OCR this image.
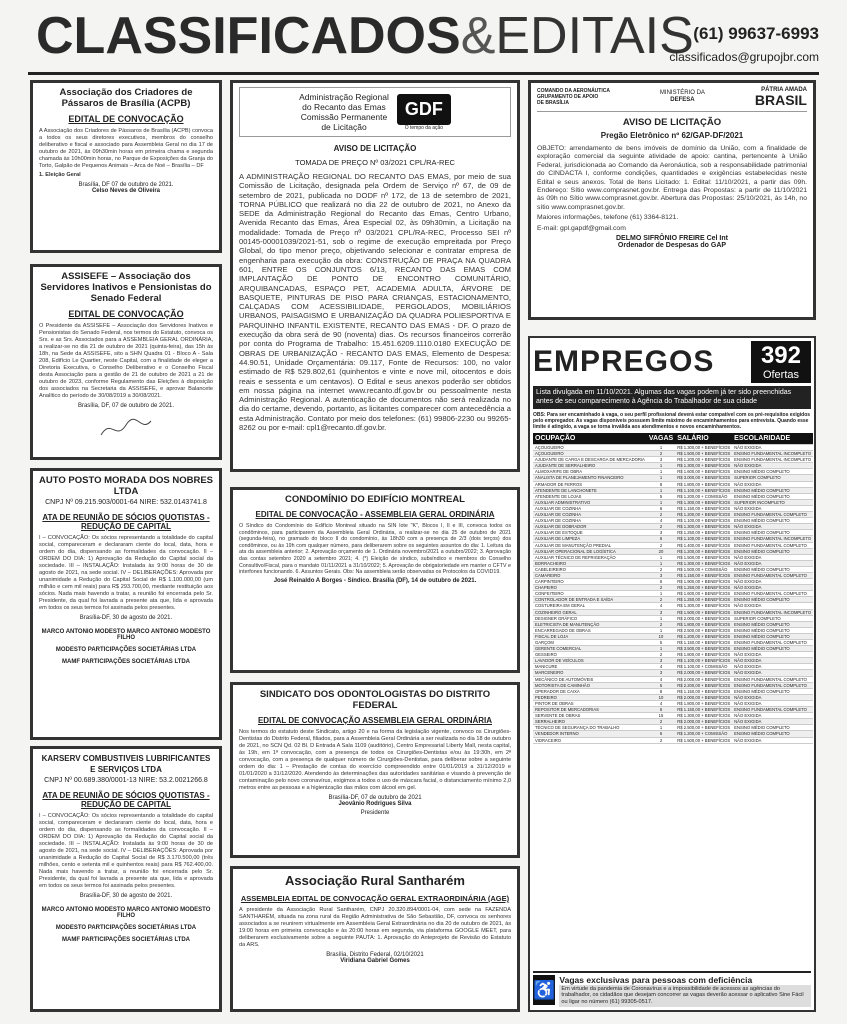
CLASSIFICADOS&EDITAIS (61) 99637-6993
classificados@grupojbr.com
Associação dos Criadores de Pássaros de Brasília (ACPB)
EDITAL DE CONVOCAÇÃO

A Associação dos Criadores de Pássaros de Brasília (ACPB) convoca a todos os seus diretores executivos, membros do conselho deliberativo e fiscal e associado para Assembleia Geral no dia 17 de outubro de 2021, às 09h30min horas em primeira chama e segunda chamada às 10h00min horas, no Parque de Exposições da Granja do Torto, Galpão de Pequenos Animais – Arca de Noé – Brasília – DF

1. Eleição Geral

Brasília, DF 07 de outubro de 2021.
Celso Neves de Oliveira
ASSISEFE – Associação dos Servidores Inativos e Pensionistas do Senado Federal
EDITAL DE CONVOCAÇÃO

O Presidente da ASSISEFE – Associação dos Servidores Inativos e Pensionistas do Senado Federal, nos termos do Estatuto, convoca os Srs. e as Srs. Associados para a ASSEMBLEIA GERAL ORDINÁRIA, a realizar-se no dia 21 de outubro de 2021 (quinta-feira), das 15h às 18h, na Sede da ASSISEFE, sito a SHN Quadra 01 - Bloco A - Sala 208, Edifício Le Quartier, neste Capital, com a finalidade de eleger a Diretoria Executiva, o Conselho Deliberativo e o Conselho Fiscal desta Associação para a gestão de 21 de outubro de 2021 a 21 de outubro de 2023, conforme Regulamento das Eleições à disposição dos associados na Secretaria da ASSISEFE, e aprovar Balancete Analítico do período de 30/08/2019 a 30/08/2021.

Brasília, DF, 07 de outubro de 2021.
AUTO POSTO MORADA DOS NOBRES LTDA
CNPJ Nº 09.215.903/0001-64 NIRE: 532.0143741.8
ATA DE REUNIÃO DE SÓCIOS QUOTISTAS - REDUÇÃO DE CAPITAL

I – CONVOCAÇÃO: Os sócios representando a totalidade do capital social, compareceram e declararam ciente do local, data, hora e ordem do dia, dispensando as formalidades da convocação. II – ORDEM DO DIA: 1) Aprovação da Redução do Capital social da sociedade. III – INSTALAÇÃO: Instalada às 9:00 horas de 30 de agosto de 2021, na sede social. IV – DELIBERAÇÕES: Aprovada por unanimidade a Redução do Capital Social de R$ 1.100.000,00 (um milhão e cem mil reais) para R$ 293.700,00, mediante restituição aos sócios. Nada mais havendo a tratar, a reunião foi encerrada pelo Sr. Presidente, da qual foi lavrada a presente ata que, lida e aprovada em todos os seus termos foi assinada pelos presentes.

Brasília-DF, 30 de agosto de 2021.
MARCO ANTONIO MODESTO MARCO ANTONIO MODESTO FILHO
MODESTO PARTICIPAÇÕES SOCIETÁRIAS LTDA
MAMF PARTICIPAÇÕES SOCIETÁRIAS LTDA
KARSERV COMBUSTIVEIS LUBRIFICANTES E SERVIÇOS LTDA
CNPJ Nº 00.689.380/0001-13 NIRE: 53.2.0021266.8
ATA DE REUNIÃO DE SÓCIOS QUOTISTAS - REDUÇÃO DE CAPITAL

I – CONVOCAÇÃO: Os sócios representando a totalidade do capital social, compareceram e declararam ciente do local, data, hora e ordem do dia, dispensando as formalidades da convocação. II – ORDEM DO DIA: 1) Aprovação da Redução do Capital social da sociedade. III – INSTALAÇÃO: Instalada às 9:00 horas de 30 de agosto de 2021, na sede social. IV – DELIBERAÇÕES: Aprovada por unanimidade a Redução do Capital Social de R$ 3.170.500,00 (três milhões, cento e setenta mil e quinhentos reais) para R$ 762.400,00. Nada mais havendo a tratar, a reunião foi encerrada pelo Sr. Presidente, da qual foi lavrada a presente ata que, lida e aprovada em todos os seus termos foi assinada pelos presentes.

Brasília-DF, 30 de agosto de 2021.
MARCO ANTONIO MODESTO MARCO ANTONIO MODESTO FILHO
MODESTO PARTICIPAÇÕES SOCIETÁRIAS LTDA
MAMF PARTICIPAÇÕES SOCIETÁRIAS LTDA
Administração Regional
do Recanto das Emas
Comissão Permanente
de Licitação
GDF
O tempo da ação
AVISO DE LICITAÇÃO
TOMADA DE PREÇO Nº 03/2021 CPL/RA-REC

A ADMINISTRAÇÃO REGIONAL DO RECANTO DAS EMAS, por meio de sua Comissão de Licitação, designada pela Ordem de Serviço nº 67, de 09 de setembro de 2021, publicada no DODF nº 172, de 13 de setembro de 2021, TORNA PÚBLICO que realizará no dia 22 de outubro de 2021, no Anexo da SEDE da Administração Regional do Recanto das Emas, Centro Urbano, Avenida Recanto das Emas, Área Especial 02, às 09h30min, a Licitação na modalidade: Tomada de Preço nº 03/2021 CPL/RA-REC, Processo SEI nº 00145-00001039/2021-51, sob o regime de execução empreitada por Preço Global, do tipo menor preço, objetivando selecionar e contratar empresa de engenharia para execução da obra: CONSTRUÇÃO DE PRAÇA NA QUADRA 601, ENTRE OS CONJUNTOS 6/13, RECANTO DAS EMAS COM IMPLANTAÇÃO DE PONTO DE ENCONTRO COMUNITÁRIO, ARQUIBANCADAS, ESPAÇO PET, ACADEMIA ADULTA, ÁRVORE DE BASQUETE, PINTURAS DE PISO PARA CRIANÇAS, ESTACIONAMENTO, CALÇADAS COM ACESSIBILIDADE, PERGOLADOS, MOBILIÁRIOS URBANOS, PAISAGISMO E URBANIZAÇÃO DA QUADRA POLIESPORTIVA E PARQUINHO INFANTIL EXISTENTE, RECANTO DAS EMAS - DF. O prazo de execução da obra será de 90 (noventa) dias. Os recursos financeiros correrão por conta do Programa de Trabalho: 15.451.6209.1110.0180 EXECUÇÃO DE OBRAS DE URBANIZAÇÃO - RECANTO DAS EMAS, Elemento de Despesa: 44.90.51, Unidade Orçamentária: 09.117, Fonte de Recursos: 100, no valor estimado de R$ 529.802,61 (quinhentos e vinte e nove mil, oitocentos e dois reais e sessenta e um centavos). O Edital e seus anexos poderão ser obtidos em nossa página na internet www.recanto.df.gov.br ou pessoalmente nesta Administração Regional. A autenticação de documentos não será realizada no dia do certame, devendo, portanto, as licitantes comparecer com antecedência a esta Administração. Contato por meio dos telefones: (61) 99806-2230 ou 99265-8262 ou por e-mail: cpl1@recanto.df.gov.br.

CONDOMÍNIO DO EDIFÍCIO MONTREAL
EDITAL DE CONVOCAÇÃO - ASSEMBLEIA GERAL ORDINÁRIA

O Síndico do Condomínio do Edifício Montreal situado na SIN lote "K", Blocos I, II e III, convoca todos os condôminos, para participarem da Assembleia Geral Ordinária, a realizar-se no dia 25 de outubro de 2021 (segunda-feira), no gramado do bloco II do condomínio, às 18h30 com a presença de 2/3 (dois terços) dos condôminos, ou às 19h com qualquer número, para deliberarem sobre os seguintes assuntos do dia: 1. Leitura da ata da assembleia anterior; 2. Aprovação orçamento de 1. Ordinária novembro/2021 a outubro/2022; 3. Aprovação das contas setembro 2020 a setembro 2021; 4. (*) Eleição de síndico, subsíndico e membros do Conselho Consultivo/Fiscal, para o mandato 01/11/2021 a 31/10/2022; 5. Aprovação de obrigatoriedade em manter o CFTV e interfones funcionando. 6. Assuntos Gerais. Obs: Na assembleia serão observadas os Protocolos da COVID19.

José Reinaldo A Borges - Síndico. Brasília (DF), 14 de outubro de 2021.
SINDICATO DOS ODONTOLOGISTAS DO DISTRITO FEDERAL
EDITAL DE CONVOCAÇÃO ASSEMBLEIA GERAL ORDINÁRIA

Nos termos do estatuto deste Sindicato, artigo 20 e na forma da legislação vigente, convoco os Cirurgiões-Dentistas do Distrito Federal, filiados, para a Assembleia Geral Ordinária a ser realizada no dia 18 de outubro de 2021, no SCN Qd. 02 Bl. D Entrada A Sala 1109 (auditório), Centro Empresarial Liberty Mall, nesta capital, às 19h, em 1ª convocação, com a presença de todos os Cirurgiões-Dentistas e/ou às 19:30h, em 2ª convocação, com a presença de qualquer número de Cirurgiões-Dentistas, para deliberar sobre a seguinte ordem do dia: 1 – Prestação de contas do exercício compreendido entre 01/01/2019 a 31/12/2019 e 01/01/2020 a 31/12/2020. Atendendo às determinações das autoridades sanitárias e visando à prevenção de contaminação pelo novo coronavírus, exigimos a todos o uso de máscara facial, o distanciamento mínimo 2,0 metros entre as pessoas e a higienização das mãos com álcool em gel.

Brasília-DF, 07 de outubro de 2021
Jeovânio Rodrigues Silva
Presidente
Associação Rural Santharém
ASSEMBLEIA EDITAL DE CONVOCAÇÃO GERAL EXTRAORDINÁRIA (AGE)

A presidente da Associação Rural Santharém, CNPJ 20.320.894/0001-04, com sede na FAZENDA SANTHARÉM, situada na zona rural da Região Administrativa de São Sebastião, DF, convoca os senhores associados a se reunirem virtualmente em Assembleia Geral Extraordinária no dia 20 de outubro de 2021, às 19:00 horas em primeira convocação e às 20:00 horas em segunda, via plataforma GOOGLE MEET, para deliberarem exclusivamente sobre a seguinte PAUTA: 1. Aprovação do Anteprojeto de Revisão do Estatuto da ARS.

Brasília, Distrito Federal, 02/10/2021
Viridiana Gabriel Gomes
COMANDO DA AERONÁUTICA
GRUPAMENTO DE APOIO
DE BRASÍLIA
MINISTÉRIO DA
DEFESA
PÁTRIA AMADA
BRASIL
AVISO DE LICITAÇÃO
Pregão Eletrônico nº 62/GAP-DF/2021

OBJETO: arrendamento de bens imóveis de domínio da União, com a finalidade de exploração comercial da seguinte atividade de apoio: cantina, pertencente à União Federal, jurisdicionada ao Comando da Aeronáutica, sob a responsabilidade patrimonial do CINDACTA I, conforme condições, quantidades e exigências estabelecidas neste Edital e seus anexos. Total de Itens Licitado: 1. Edital: 11/10/2021, a partir das 09h. Endereço: Sítio www.comprasnet.gov.br. Entrega das Propostas: a partir de 11/10/2021 às 09h no Sítio www.comprasnet.gov.br. Abertura das Propostas: 25/10/2021, às 14h, no sítio www.comprasnet.gov.br.

Maiores informações, telefone (61) 3364-8121.

E-mail: gpl.gapdf@gmail.com

DELMO SIFRÔNIO FREIRE Cel Int
Ordenador de Despesas do GAP
EMPREGOS 392
Ofertas
Lista divulgada em 11/10/2021. Algumas das vagas podem já ter sido preenchidas antes de seu comparecimento à Agência do Trabalhador de sua cidade
OBS: Para ser encaminhado à vaga, o seu perfil profissional deverá estar compatível com os pré-requisitos exigidos pelo empregador. As vagas disponíveis possuem limite máximo de encaminhamentos para entrevista. Quando esse limite é atingido, a vaga se torna inválida aos atendimentos e novos encaminhamentos.
OCUPAÇÃO	VAGAS	SALÁRIO	ESCOLARIDADE
AÇOUGUEIRO	1	R$ 1.300,00 + BENEFÍCIOS	NÃO EXIGIDA
AÇOUGUEIRO	2	R$ 1.500,00 + BENEFÍCIOS	ENSINO FUNDAMENTAL INCOMPLETO
AJUDANTE DE CARGA E DESCARGA DE MERCADORIA	3	R$ 1.200,00 + BENEFÍCIOS	ENSINO FUNDAMENTAL INCOMPLETO
AJUDANTE DE SERRALHEIRO	1	R$ 1.300,00 + BENEFÍCIOS	NÃO EXIGIDA
ALMOXARIFE DE OBRA	1	R$ 1.600,00 + BENEFÍCIOS	ENSINO MÉDIO COMPLETO
ANALISTA DE PLANEJAMENTO FINANCEIRO	1	R$ 3.000,00 + BENEFÍCIOS	SUPERIOR COMPLETO
ARMADOR DE FERROS	8	R$ 1.800,00 + BENEFÍCIOS	NÃO EXIGIDA
ATENDENTE DE LANCHONETE	1	R$ 1.100,00 + BENEFÍCIOS	ENSINO MÉDIO COMPLETO
ATENDENTE DE LOJAS	5	R$ 1.200,00 + COMISSÃO	ENSINO MÉDIO COMPLETO
AUXILIAR ADMINISTRATIVO	1	R$ 1.300,00 + BENEFÍCIOS	SUPERIOR INCOMPLETO
AUXILIAR DE COZINHA	6	R$ 1.150,00 + BENEFÍCIOS	NÃO EXIGIDA
AUXILIAR DE COZINHA	2	R$ 1.200,00 + BENEFÍCIOS	ENSINO FUNDAMENTAL COMPLETO
AUXILIAR DE COZINHA	4	R$ 1.100,00 + BENEFÍCIOS	ENSINO MÉDIO COMPLETO
AUXILIAR DE DOBRADOR	2	R$ 1.300,00 + BENEFÍCIOS	NÃO EXIGIDA
AUXILIAR DE ESTOQUE	3	R$ 1.250,00 + BENEFÍCIOS	ENSINO MÉDIO COMPLETO
AUXILIAR DE LIMPEZA	6	R$ 1.100,00 + BENEFÍCIOS	ENSINO FUNDAMENTAL INCOMPLETO
AUXILIAR DE MANUTENÇÃO PREDIAL	2	R$ 1.400,00 + BENEFÍCIOS	ENSINO FUNDAMENTAL COMPLETO
AUXILIAR OPERACIONAL DE LOGÍSTICA	20	R$ 1.200,00 + BENEFÍCIOS	ENSINO MÉDIO COMPLETO
AUXILIAR TÉCNICO DE REFRIGERAÇÃO	1	R$ 1.500,00 + BENEFÍCIOS	NÃO EXIGIDA
BORRACHEIRO	1	R$ 1.300,00 + BENEFÍCIOS	NÃO EXIGIDA
CABELEIREIRO	2	R$ 1.500,00 + COMISSÃO	ENSINO MÉDIO COMPLETO
CAMAREIRO	3	R$ 1.150,00 + BENEFÍCIOS	ENSINO FUNDAMENTAL COMPLETO
CARPINTEIRO	6	R$ 1.900,00 + BENEFÍCIOS	NÃO EXIGIDA
CHAPEIRO	2	R$ 1.250,00 + BENEFÍCIOS	NÃO EXIGIDA
CONFEITEIRO	1	R$ 1.600,00 + BENEFÍCIOS	ENSINO FUNDAMENTAL COMPLETO
CONTROLADOR DE ENTRADA E SAÍDA	2	R$ 1.250,00 + BENEFÍCIOS	ENSINO MÉDIO COMPLETO
COSTUREIRA EM GERAL	4	R$ 1.300,00 + BENEFÍCIOS	NÃO EXIGIDA
COZINHEIRO GERAL	3	R$ 1.500,00 + BENEFÍCIOS	ENSINO FUNDAMENTAL INCOMPLETO
DESIGNER GRÁFICO	1	R$ 2.000,00 + BENEFÍCIOS	SUPERIOR COMPLETO
ELETRICISTA DE MANUTENÇÃO	2	R$ 1.800,00 + BENEFÍCIOS	ENSINO MÉDIO COMPLETO
ENCARREGADO DE OBRAS	1	R$ 2.500,00 + BENEFÍCIOS	ENSINO MÉDIO COMPLETO
FISCAL DE LOJA	10	R$ 1.200,00 + BENEFÍCIOS	ENSINO MÉDIO COMPLETO
GARÇOM	5	R$ 1.150,00 + BENEFÍCIOS	ENSINO FUNDAMENTAL COMPLETO
GERENTE COMERCIAL	1	R$ 3.500,00 + BENEFÍCIOS	ENSINO MÉDIO COMPLETO
GESSEIRO	2	R$ 1.800,00 + BENEFÍCIOS	NÃO EXIGIDA
LAVADOR DE VEÍCULOS	3	R$ 1.100,00 + BENEFÍCIOS	NÃO EXIGIDA
MANICURE	4	R$ 1.100,00 + COMISSÃO	NÃO EXIGIDA
MARCENEIRO	3	R$ 2.000,00 + BENEFÍCIOS	NÃO EXIGIDA
MECÂNICO DE AUTOMÓVEIS	4	R$ 2.000,00 + BENEFÍCIOS	ENSINO FUNDAMENTAL COMPLETO
MOTORISTA DE CAMINHÃO	5	R$ 2.200,00 + BENEFÍCIOS	ENSINO FUNDAMENTAL COMPLETO
OPERADOR DE CAIXA	8	R$ 1.150,00 + BENEFÍCIOS	ENSINO MÉDIO COMPLETO
PEDREIRO	10	R$ 2.000,00 + BENEFÍCIOS	NÃO EXIGIDA
PINTOR DE OBRAS	4	R$ 1.800,00 + BENEFÍCIOS	NÃO EXIGIDA
REPOSITOR DE MERCADORIAS	6	R$ 1.150,00 + BENEFÍCIOS	ENSINO FUNDAMENTAL COMPLETO
SERVENTE DE OBRAS	15	R$ 1.300,00 + BENEFÍCIOS	NÃO EXIGIDA
SERRALHEIRO	2	R$ 2.000,00 + BENEFÍCIOS	NÃO EXIGIDA
TÉCNICO DE SEGURANÇA DO TRABALHO	1	R$ 2.500,00 + BENEFÍCIOS	ENSINO MÉDIO COMPLETO
VENDEDOR INTERNO	6	R$ 1.200,00 + COMISSÃO	ENSINO MÉDIO COMPLETO
VIDRACEIRO	2	R$ 1.500,00 + BENEFÍCIOS	NÃO EXIGIDA
♿ Vagas exclusivas para pessoas com deficiência
Em virtude da pandemia de Coronavírus e a impossibilidade de acessos as agências do trabalhador, os cidadãos que desejam concorrer as vagas deverão acessar o aplicativo Sine Fácil ou ligar no número (61) 99305-0517.
